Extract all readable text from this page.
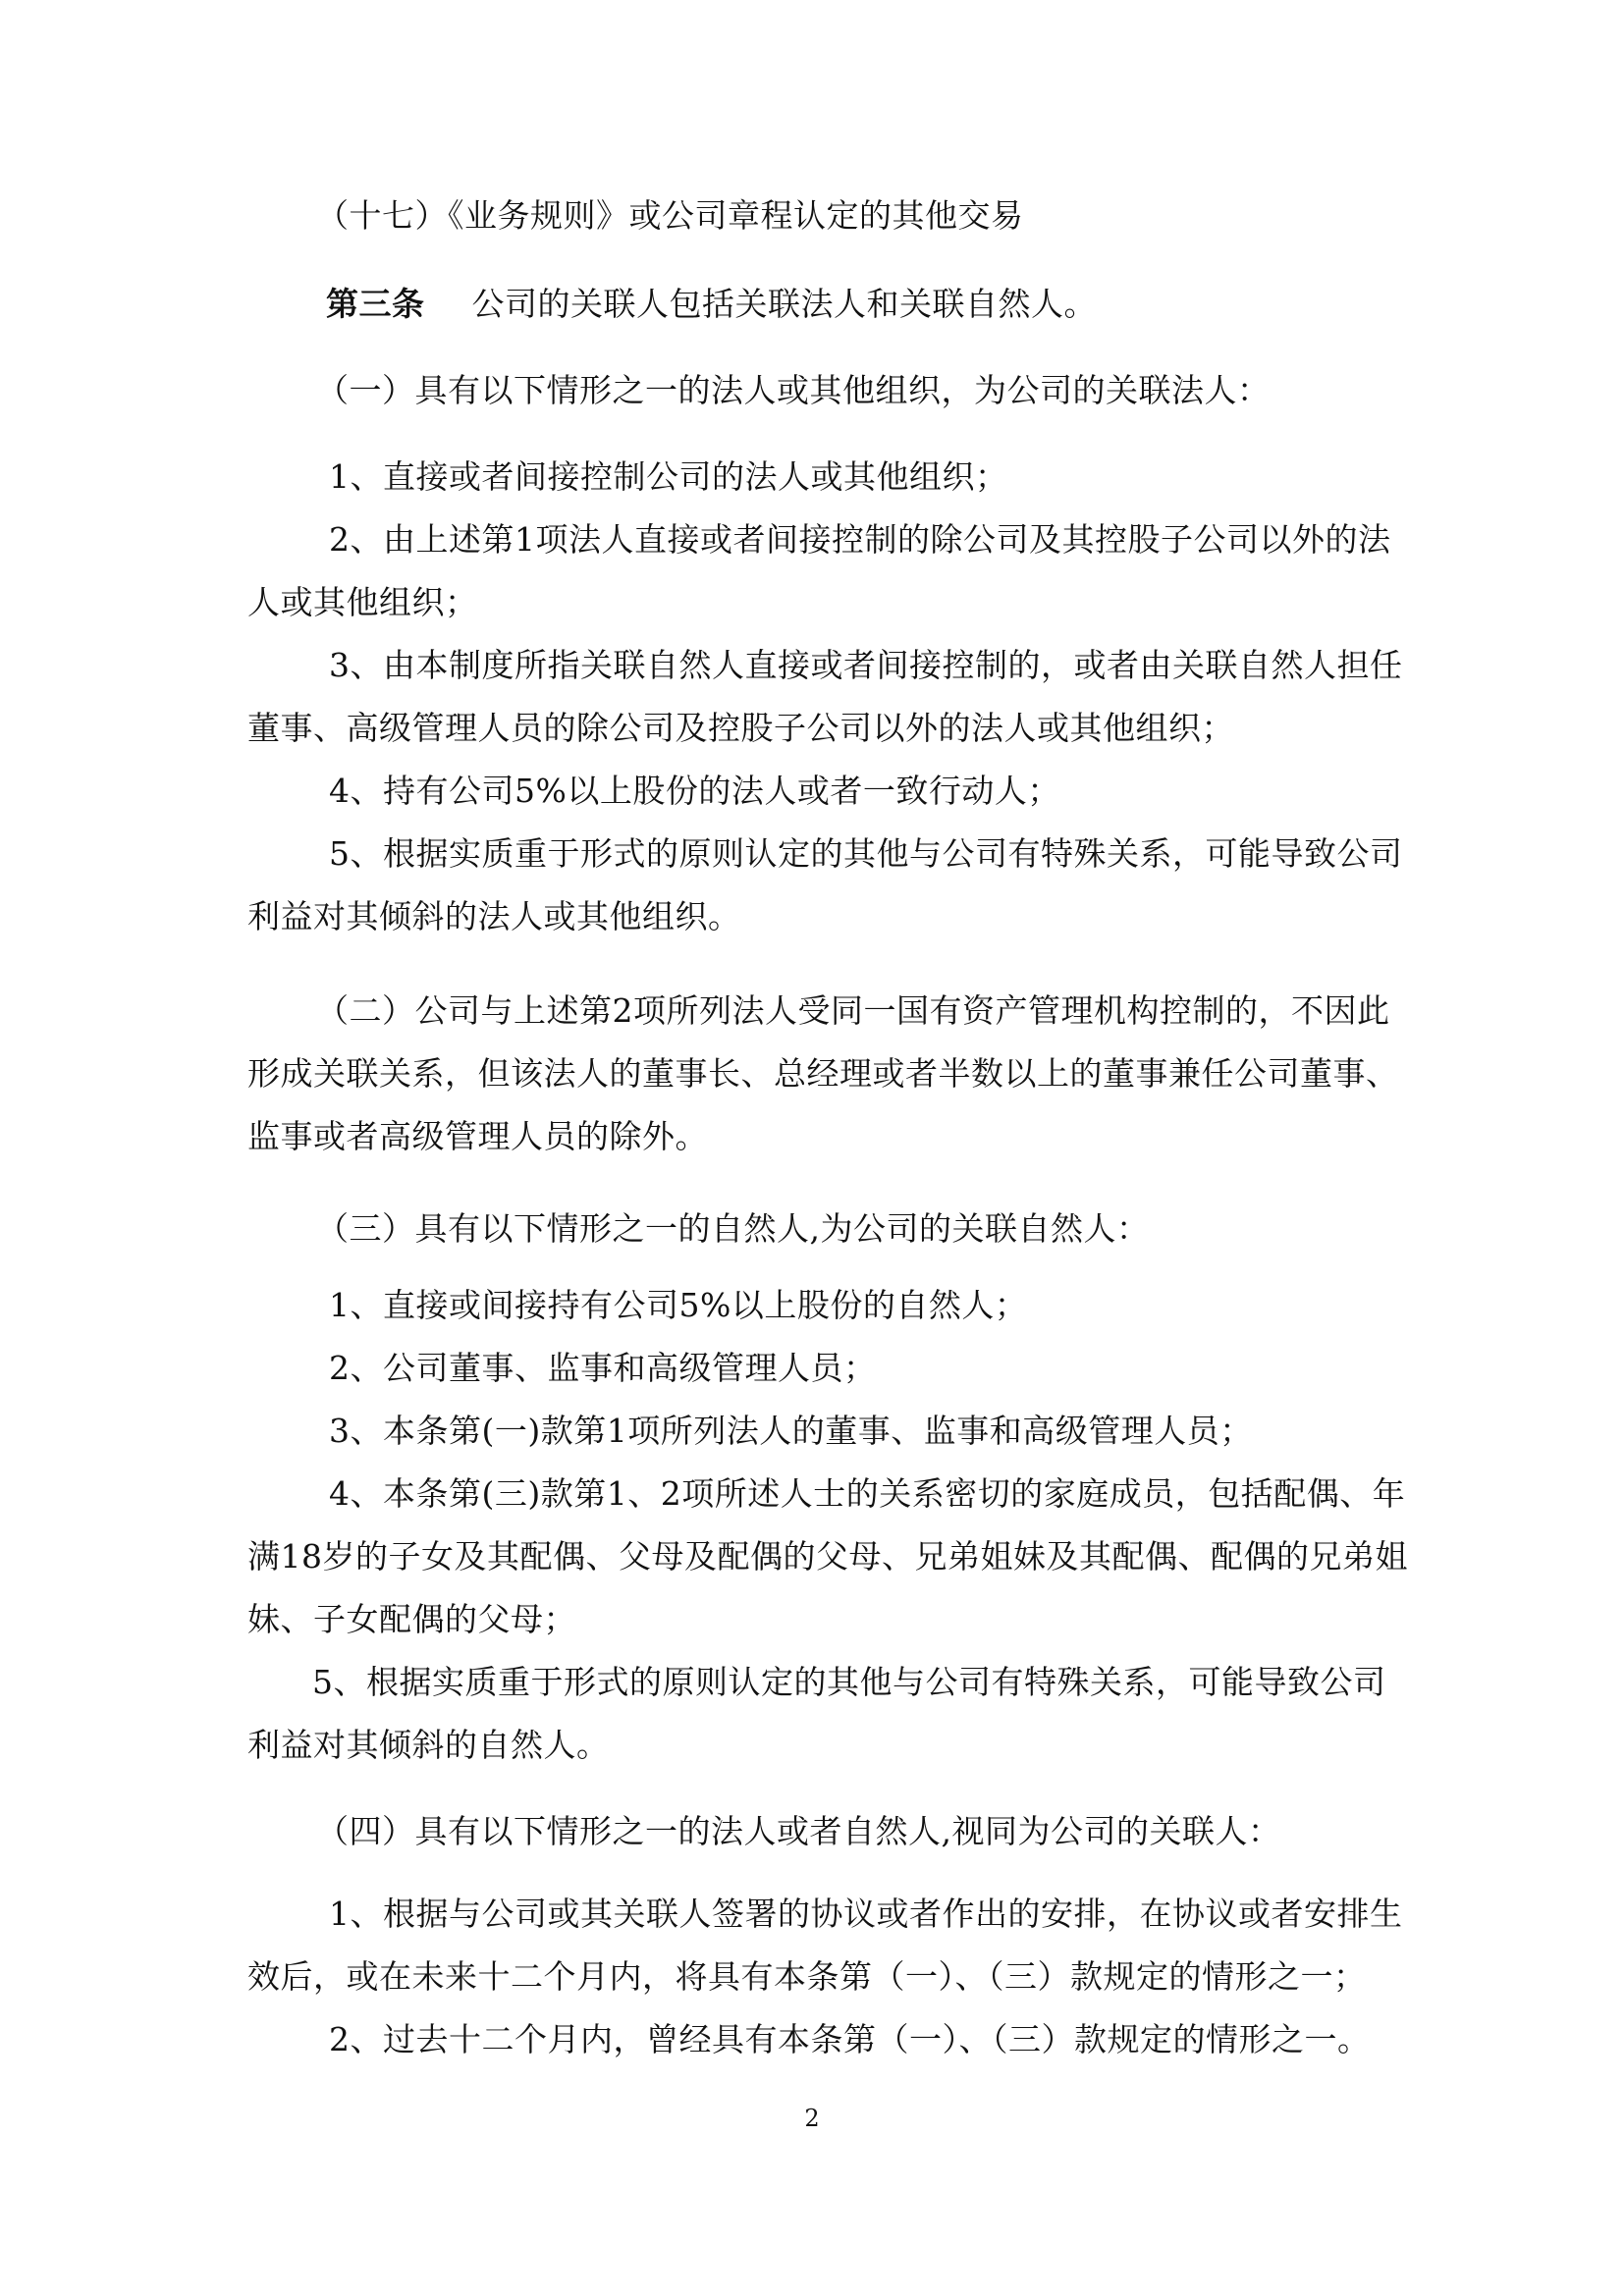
（十七）《业务规则》或公司章程认定的其他交易
第三条 公司的关联人包括关联法人和关联自然人。
（一）具有以下情形之一的法人或其他组织，为公司的关联法人：
1、直接或者间接控制公司的法人或其他组织；
2、由上述第1项法人直接或者间接控制的除公司及其控股子公司以外的法
人或其他组织；
3、由本制度所指关联自然人直接或者间接控制的，或者由关联自然人担任
董事、高级管理人员的除公司及控股子公司以外的法人或其他组织；
4、持有公司5%以上股份的法人或者一致行动人；
5、根据实质重于形式的原则认定的其他与公司有特殊关系，可能导致公司
利益对其倾斜的法人或其他组织。
（二）公司与上述第2项所列法人受同一国有资产管理机构控制的，不因此
形成关联关系，但该法人的董事长、总经理或者半数以上的董事兼任公司董事、
监事或者高级管理人员的除外。
（三）具有以下情形之一的自然人,为公司的关联自然人：
1、直接或间接持有公司5%以上股份的自然人；
2、公司董事、监事和高级管理人员；
3、本条第(一)款第1项所列法人的董事、监事和高级管理人员；
4、本条第(三)款第1、2项所述人士的关系密切的家庭成员，包括配偶、年
满18岁的子女及其配偶、父母及配偶的父母、兄弟姐妹及其配偶、配偶的兄弟姐
妹、子女配偶的父母；
5、根据实质重于形式的原则认定的其他与公司有特殊关系，可能导致公司
利益对其倾斜的自然人。
（四）具有以下情形之一的法人或者自然人,视同为公司的关联人：
1、根据与公司或其关联人签署的协议或者作出的安排，在协议或者安排生
效后，或在未来十二个月内，将具有本条第（一）、（三）款规定的情形之一；
2、过去十二个月内，曾经具有本条第（一）、（三）款规定的情形之一。
2
